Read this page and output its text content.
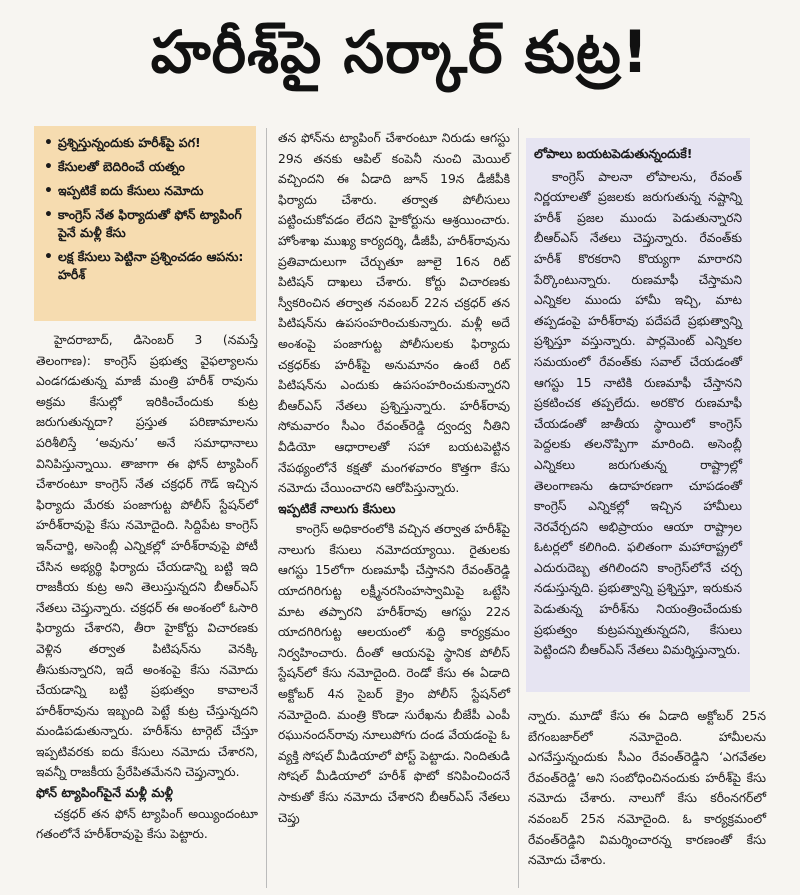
హరీశ్‌పై సర్కార్ కుట్ర!
• ప్రశ్నిస్తున్నందుకు హరీశ్‌పై పగ!
• కేసులతో బెదిరించే యత్నం
• ఇప్పటికే ఐదు కేసులు నమోదు
• కాంగ్రెస్ నేత ఫిర్యాదుతో ఫోన్ ట్యాపింగ్ పైనే మళ్లీ కేసు
• లక్ష కేసులు పెట్టినా ప్రశ్నించడం ఆపను: హరీశ్

హైదరాబాద్, డిసెంబర్ 3 (నమస్తే తెలంగాణ): కాంగ్రెస్ ప్రభుత్వ వైఫల్యాలను ఎండగడుతున్న మాజీ మంత్రి హరీశ్ రావును అక్రమ కేసుల్లో ఇరికించేందుకు కుట్ర జరుగుతున్నదా? ప్రస్తుత పరిణామాలను పరిశీలిస్తే ‘అవును’ అనే సమాధానాలు వినిపిస్తున్నాయి. తాజాగా ఈ ఫోన్ ట్యాపింగ్ చేశారంటూ కాంగ్రెస్ నేత చక్రధర్ గౌడ్ ఇచ్చిన ఫిర్యాదు మేరకు పంజాగుట్ట పోలీస్ స్టేషన్‌లో హరీశ్‌రావుపై కేసు నమోదైంది. సిద్దిపేట కాంగ్రెస్ ఇన్‌చార్జి, అసెంబ్లీ ఎన్నికల్లో హరీశ్‌రావుపై పోటీ చేసిన అభ్యర్థి ఫిర్యాదు చేయడాన్ని బట్టి ఇది రాజకీయ కుట్ర అని తెలుస్తున్నదని బీఆర్‌ఎస్ నేతలు చెప్తున్నారు. చక్రధర్ ఈ అంశంలో ఓసారి ఫిర్యాదు చేశారని, తీరా హైకోర్టు విచారణకు వెళ్లిన తర్వాత పిటిషన్‌ను వెనక్కి తీసుకున్నారని, ఇదే అంశంపై కేసు నమోదు చేయడాన్ని బట్టి ప్రభుత్వం కావాలనే హరీశ్‌రావును ఇబ్బంది పెట్టే కుట్ర చేస్తున్నదని మండిపడుతున్నారు. హరీశ్‌ను టార్గెట్ చేస్తూ ఇప్పటివరకు ఐదు కేసులు నమోదు చేశారని, ఇవన్నీ రాజకీయ ప్రేరేపితమేనని చెప్తున్నారు.

ఫోన్ ట్యాపింగ్‌పైనే మళ్లీ మళ్లీ

చక్రధర్ తన ఫోన్ ట్యాపింగ్ అయ్యిందంటూ గతంలోనే హరీశ్‌రావుపై కేసు పెట్టారు.

తన ఫోన్‌ను ట్యాపింగ్ చేశారంటూ నిరుడు ఆగస్టు 29న తనకు ఆపిల్ కంపెనీ నుంచి మెయిల్ వచ్చిందని ఈ ఏడాది జూన్ 19న డీజీపీకి ఫిర్యాదు చేశారు. తర్వాత పోలీసులు పట్టించుకోవడం లేదని హైకోర్టును ఆశ్రయించారు. హోంశాఖ ముఖ్య కార్యదర్శి, డీజీపీ, హరీశ్‌రావును ప్రతివాదులుగా చేర్చుతూ జూలై 16న రిట్ పిటిషన్ దాఖలు చేశారు. కోర్టు విచారణకు స్వీకరించిన తర్వాత నవంబర్ 22న చక్రధర్ తన పిటిషన్‌ను ఉపసంహరించుకున్నారు. మళ్లీ అదే అంశంపై పంజాగుట్ట పోలీసులకు ఫిర్యాదు చక్రధర్‌కు హరీశ్‌పై అనుమానం ఉంటే రిట్ పిటిషన్‌ను ఎందుకు ఉపసంహరించుకున్నారని బీఆర్‌ఎస్ నేతలు ప్రశ్నిస్తున్నారు. హరీశ్‌రావు సోమవారం సీఎం రేవంత్‌రెడ్డి ద్వంద్వ నీతిని వీడియో ఆధారాలతో సహా బయటపెట్టిన నేపథ్యంలోనే కక్షతో మంగళవారం కొత్తగా కేసు నమోదు చేయించారని ఆరోపిస్తున్నారు.

ఇప్పటికే నాలుగు కేసులు

కాంగ్రెస్ అధికారంలోకి వచ్చిన తర్వాత హరీశ్‌పై నాలుగు కేసులు నమోదయ్యాయి. రైతులకు ఆగస్టు 15లోగా రుణమాఫీ చేస్తానని రేవంత్‌రెడ్డి యాదగిరిగుట్ట లక్ష్మీనరసింహస్వామిపై ఒట్టేసి మాట తప్పారని హరీశ్‌రావు ఆగస్టు 22న యాదగిరిగుట్ట ఆలయంలో శుద్ధి కార్యక్రమం నిర్వహించారు. దీంతో ఆయనపై స్థానిక పోలీస్ స్టేషన్‌లో కేసు నమోదైంది. రెండో కేసు ఈ ఏడాది అక్టోబర్ 4న సైబర్ క్రైం పోలీస్ స్టేషన్‌లో నమోదైంది. మంత్రి కొండా సురేఖను బీజేపీ ఎంపీ రఘునందన్‌రావు నూలుపోగు దండ వేయడంపై ఓ వ్యక్తి సోషల్ మీడియాలో పోస్ట్ పెట్టాడు. నిందితుడి సోషల్ మీడియాలో హరీశ్ ఫొటో కనిపించిందనే సాకుతో కేసు నమోదు చేశారని బీఆర్‌ఎస్ నేతలు చెప్తు

లోపాలు బయటపెడుతున్నందుకే!

కాంగ్రెస్ పాలనా లోపాలను, రేవంత్ నిర్ణయాలతో ప్రజలకు జరుగుతున్న నష్టాన్ని హరీశ్ ప్రజల ముందు పెడుతున్నారని బీఆర్‌ఎస్ నేతలు చెప్తున్నారు. రేవంత్‌కు హరీశ్ కొరకరాని కొయ్యగా మారారని పేర్కొంటున్నారు. రుణమాఫీ చేస్తామని ఎన్నికల ముందు హామీ ఇచ్చి, మాట తప్పడంపై హరీశ్‌రావు పదేపదే ప్రభుత్వాన్ని ప్రశ్నిస్తూ వస్తున్నారు. పార్లమెంట్ ఎన్నికల సమయంలో రేవంత్‌కు సవాల్ చేయడంతో ఆగస్టు 15 నాటికి రుణమాఫీ చేస్తానని ప్రకటించక తప్పలేదు. అరకొర రుణమాఫీ చేయడంతో జాతీయ స్థాయిలో కాంగ్రెస్ పెద్దలకు తలనొప్పిగా మారింది. అసెంబ్లీ ఎన్నికలు జరుగుతున్న రాష్ట్రాల్లో తెలంగాణను ఉదాహరణగా చూపడంతో కాంగ్రెస్ ఎన్నికల్లో ఇచ్చిన హామీలు నెరవేర్చదని అభిప్రాయం ఆయా రాష్ట్రాల ఓటర్లలో కలిగింది. ఫలితంగా మహారాష్ట్రలో ఎదురుదెబ్బ తగిలిందని కాంగ్రెస్‌లోనే చర్చ నడుస్తున్నది. ప్రభుత్వాన్ని ప్రశ్నిస్తూ, ఇరుకున పెడుతున్న హరీశ్‌ను నియంత్రించేందుకు ప్రభుత్వం కుట్రపన్నుతున్నదని, కేసులు పెట్టిందని బీఆర్‌ఎస్ నేతలు విమర్శిస్తున్నారు.

న్నారు. మూడో కేసు ఈ ఏడాది అక్టోబర్ 25న బేగంబజార్‌లో నమోదైంది. హామీలను ఎగవేస్తున్నందుకు సీఎం రేవంత్‌రెడ్డిని ‘ఎగవేతల రేవంత్‌రెడ్డి’ అని సంబోధించినందుకు హరీశ్‌పై కేసు నమోదు చేశారు. నాలుగో కేసు కరీంనగర్‌లో నవంబర్ 25న నమోదైంది. ఓ కార్యక్రమంలో రేవంత్‌రెడ్డిని విమర్శించారన్న కారణంతో కేసు నమోదు చేశారు.
